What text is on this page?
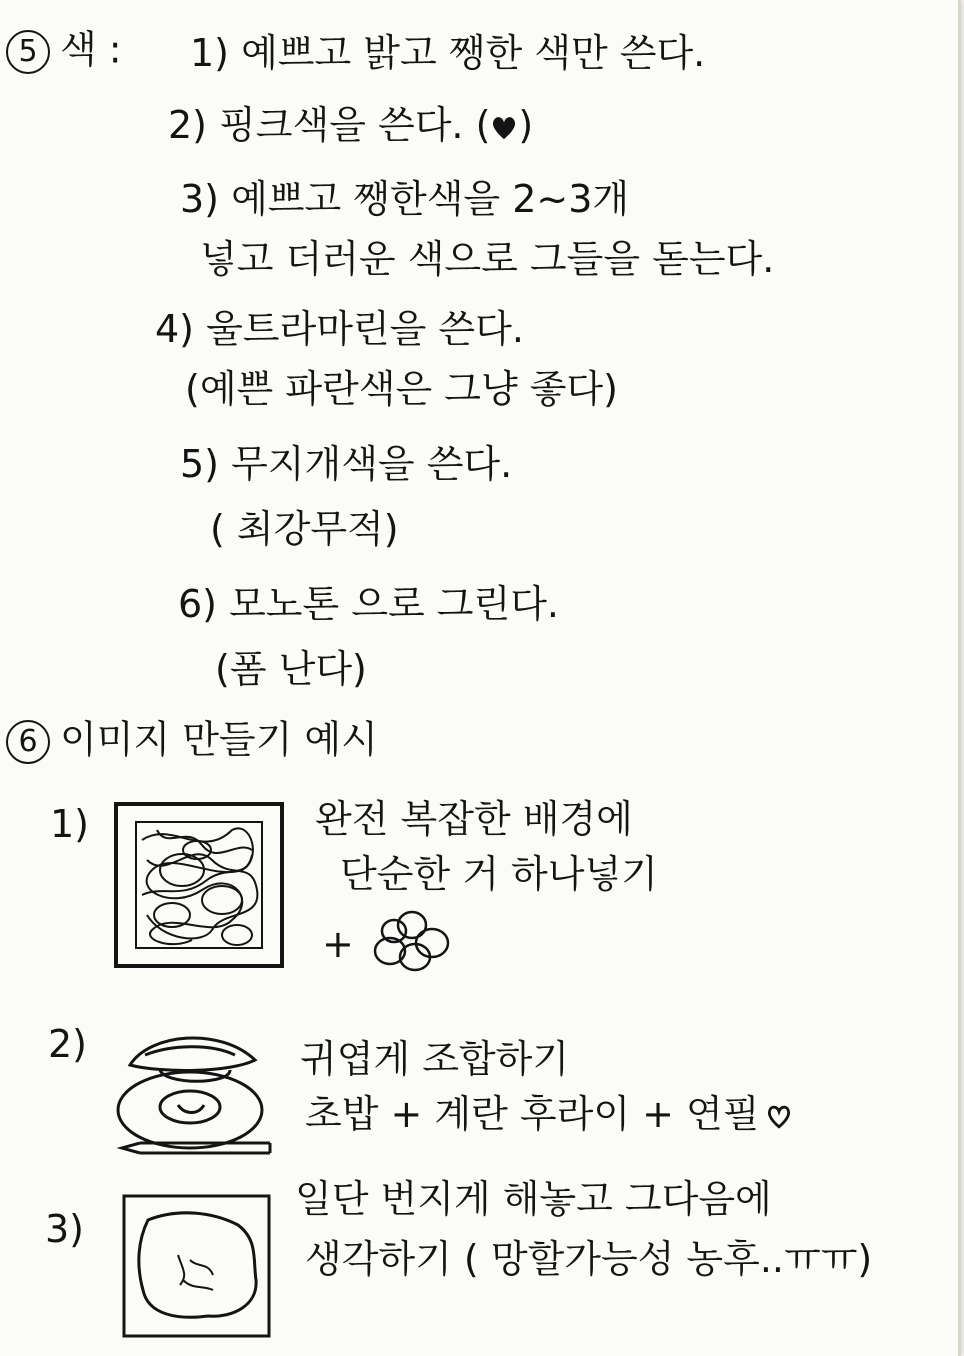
5 색 : 1) 예쁘고 밝고 쨍한 색만 쓴다.
2) 핑크색을 쓴다. ( )
3) 예쁘고 쨍한색을 2~3개
넣고 더러운 색으로 그들을 돋는다.
4) 울트라마린을 쓴다.
(예쁜 파란색은 그냥 좋다)
5) 무지개색을 쓴다.
( 최강무적)
6) 모노톤 으로 그린다.
(폼 난다)
6 이미지 만들기 예시
1)	완전 복잡한 배경에
단순한 거 하나넣기
+
2)	귀엽게 조합하기
초밥 + 계란 후라이 + 연필
3)
일단 번지게 해놓고 그다음에
생각하기 ( 망할가능성 농후..ㅠㅠ)
